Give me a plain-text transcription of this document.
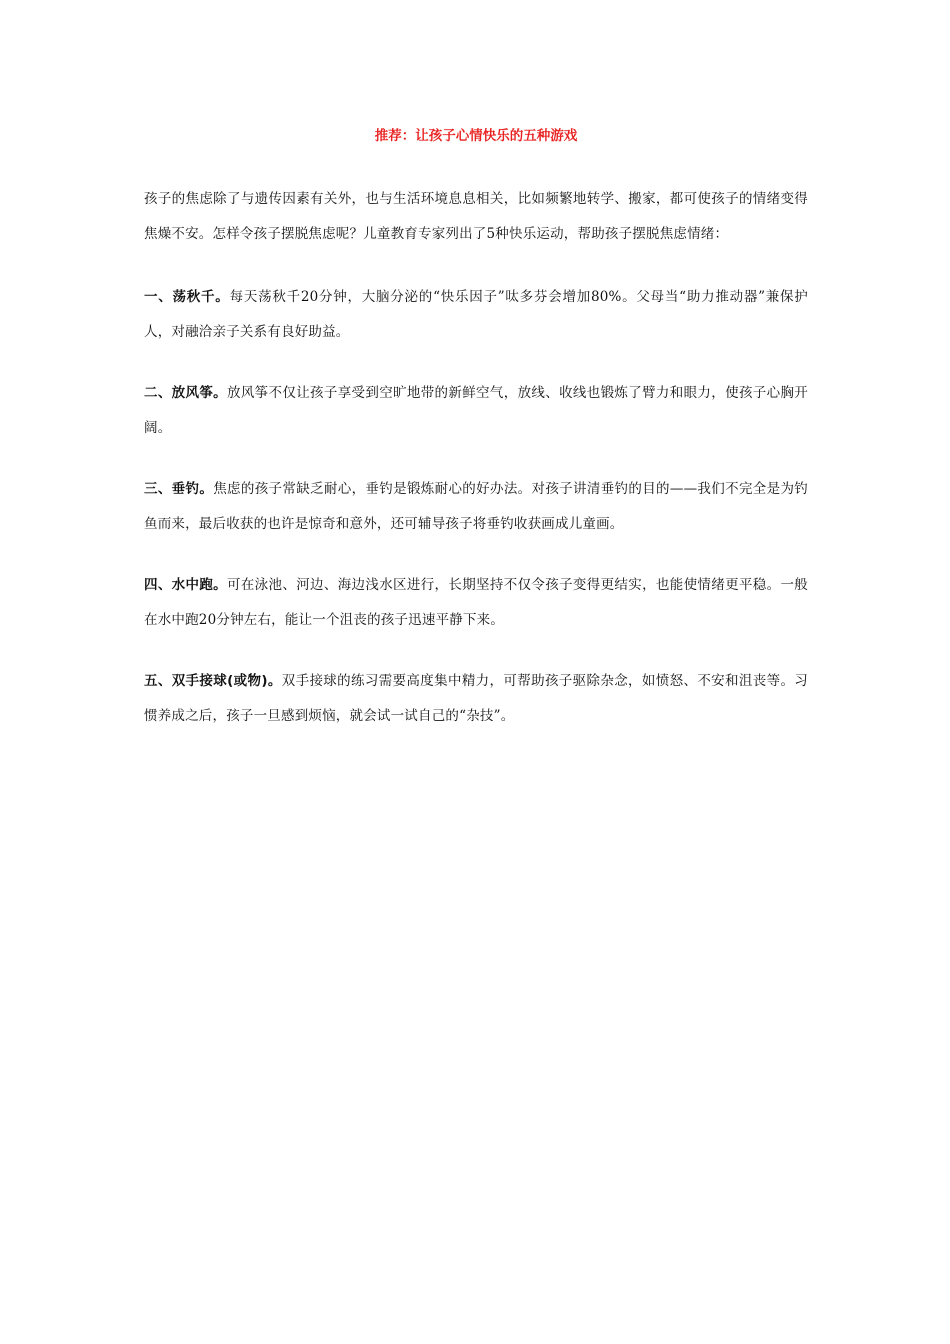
推荐：让孩子心情快乐的五种游戏

孩子的焦虑除了与遗传因素有关外，也与生活环境息息相关，比如频繁地转学、搬家，都可使孩子的情绪变得焦燥不安。怎样令孩子摆脱焦虑呢？儿童教育专家列出了5种快乐运动，帮助孩子摆脱焦虑情绪：

一、荡秋千。每天荡秋千20分钟，大脑分泌的“快乐因子”呔多芬会增加80%。父母当“助力推动器”兼保护人，对融洽亲子关系有良好助益。

二、放风筝。放风筝不仅让孩子享受到空旷地带的新鲜空气，放线、收线也锻炼了臂力和眼力，使孩子心胸开阔。

三、垂钓。焦虑的孩子常缺乏耐心，垂钓是锻炼耐心的好办法。对孩子讲清垂钓的目的——我们不完全是为钓鱼而来，最后收获的也许是惊奇和意外，还可辅导孩子将垂钓收获画成儿童画。

四、水中跑。可在泳池、河边、海边浅水区进行，长期坚持不仅令孩子变得更结实，也能使情绪更平稳。一般在水中跑20分钟左右，能让一个沮丧的孩子迅速平静下来。

五、双手接球(或物)。双手接球的练习需要高度集中精力，可帮助孩子驱除杂念，如愤怒、不安和沮丧等。习惯养成之后，孩子一旦感到烦恼，就会试一试自己的“杂技”。
